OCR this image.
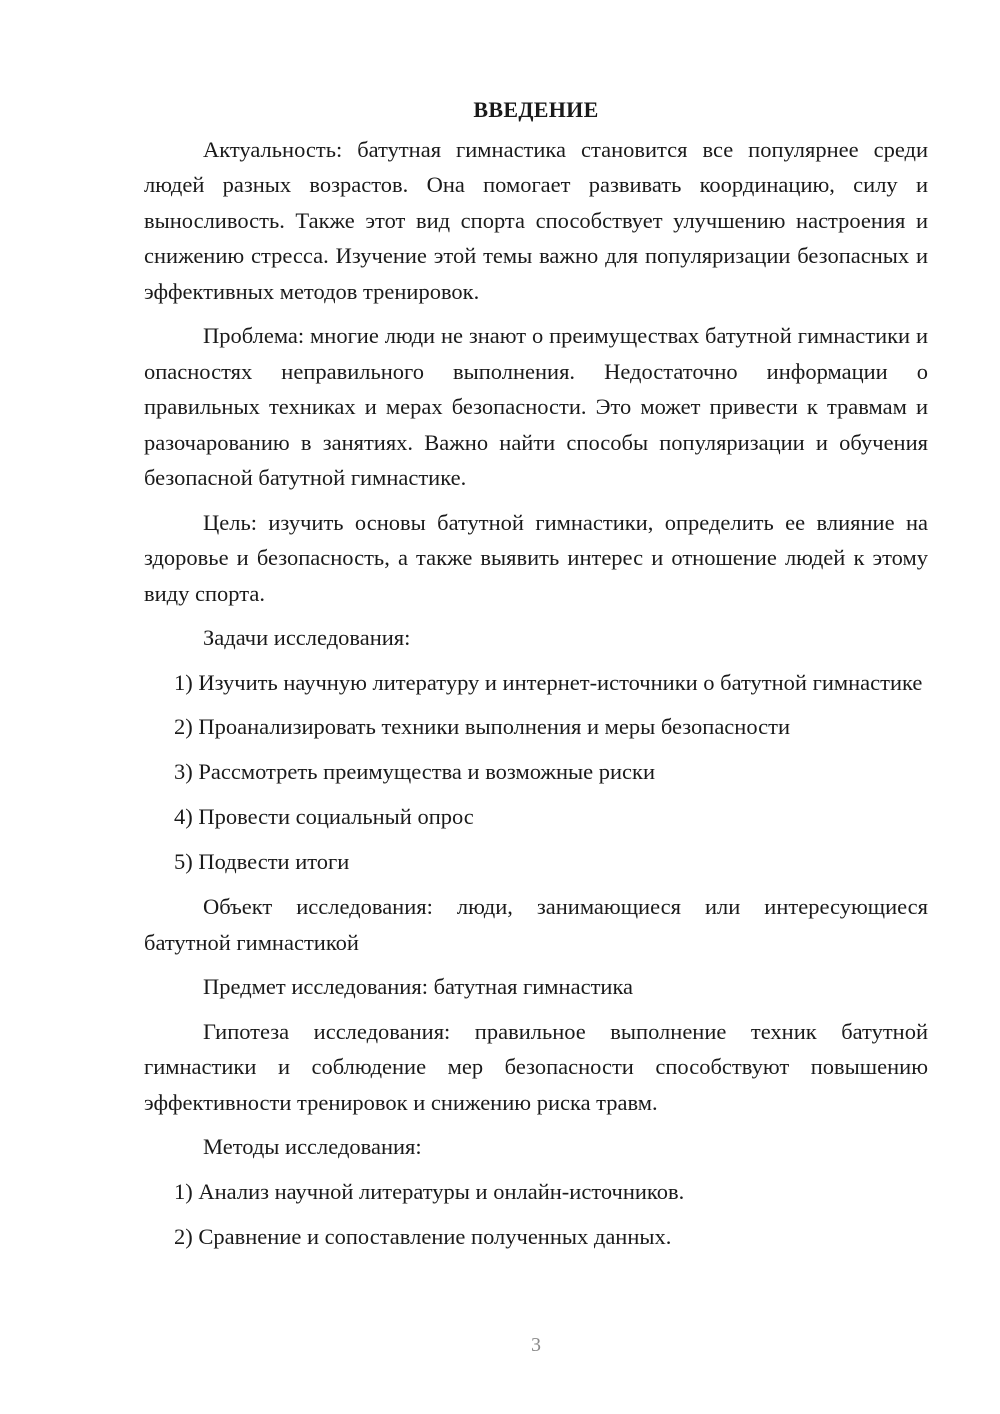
ВВЕДЕНИЕ

Актуальность: батутная гимнастика становится все популярнее среди людей разных возрастов. Она помогает развивать координацию, силу и выносливость. Также этот вид спорта способствует улучшению настроения и снижению стресса. Изучение этой темы важно для популяризации безопасных и эффективных методов тренировок.

Проблема: многие люди не знают о преимуществах батутной гимнастики и опасностях неправильного выполнения. Недостаточно информации о правильных техниках и мерах безопасности. Это может привести к травмам и разочарованию в занятиях. Важно найти способы популяризации и обучения безопасной батутной гимнастике.

Цель: изучить основы батутной гимнастики, определить ее влияние на здоровье и безопасность, а также выявить интерес и отношение людей к этому виду спорта.

Задачи исследования:

1) Изучить научную литературу и интернет-источники о батутной гимнастике

2) Проанализировать техники выполнения и меры безопасности

3) Рассмотреть преимущества и возможные риски

4) Провести социальный опрос

5) Подвести итоги

Объект исследования: люди, занимающиеся или интересующиеся батутной гимнастикой

Предмет исследования: батутная гимнастика

Гипотеза исследования: правильное выполнение техник батутной гимнастики и соблюдение мер безопасности способствуют повышению эффективности тренировок и снижению риска травм.

Методы исследования:

1) Анализ научной литературы и онлайн-источников.

2) Сравнение и сопоставление полученных данных.

3
